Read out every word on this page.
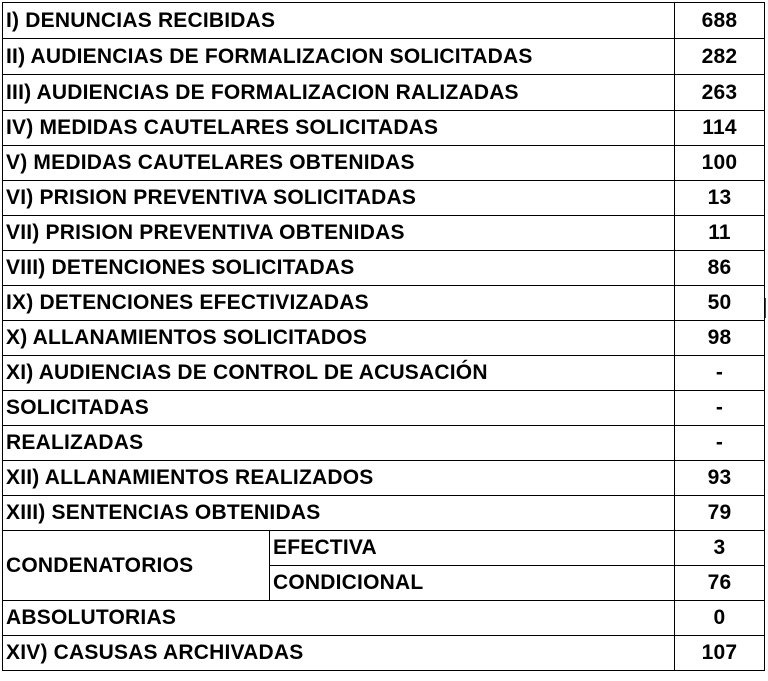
I) DENUNCIAS RECIBIDAS		688
II) AUDIENCIAS DE FORMALIZACION SOLICITADAS		282
III) AUDIENCIAS DE FORMALIZACION RALIZADAS		263
IV) MEDIDAS CAUTELARES SOLICITADAS		114
V) MEDIDAS CAUTELARES OBTENIDAS		100
VI) PRISION PREVENTIVA SOLICITADAS		13
VII) PRISION PREVENTIVA OBTENIDAS		11
VIII) DETENCIONES SOLICITADAS		86
IX) DETENCIONES EFECTIVIZADAS		50
X) ALLANAMIENTOS SOLICITADOS		98
XI) AUDIENCIAS DE CONTROL DE ACUSACIÓN		-
SOLICITADAS		-
REALIZADAS		-
XII) ALLANAMIENTOS REALIZADOS		93
XIII) SENTENCIAS OBTENIDAS		79
CONDENATORIOS	EFECTIVA	3
	CONDICIONAL	76
ABSOLUTORIAS		0
XIV) CASUSAS ARCHIVADAS		107
